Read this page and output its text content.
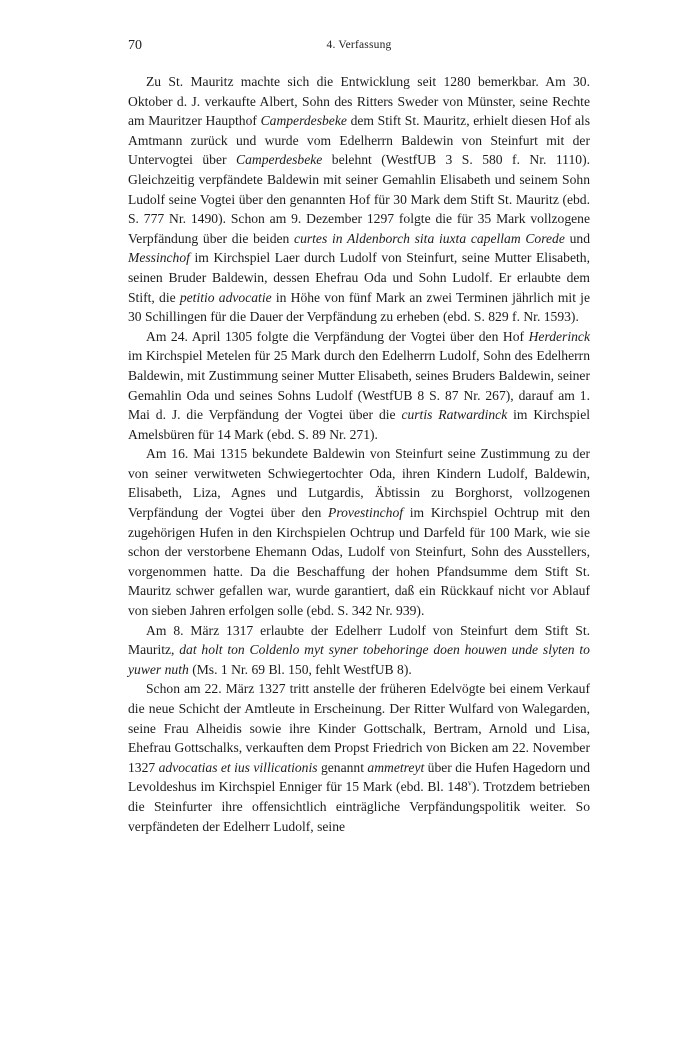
70	4. Verfassung

Zu St. Mauritz machte sich die Entwicklung seit 1280 bemerkbar. Am 30. Oktober d. J. verkaufte Albert, Sohn des Ritters Sweder von Münster, seine Rechte am Mauritzer Haupthof Camperdesbeke dem Stift St. Mauritz, erhielt diesen Hof als Amtmann zurück und wurde vom Edelherrn Baldewin von Steinfurt mit der Untervogtei über Camperdesbeke belehnt (WestfUB 3 S. 580 f. Nr. 1110). Gleichzeitig verpfändete Baldewin mit seiner Gemahlin Elisabeth und seinem Sohn Ludolf seine Vogtei über den genannten Hof für 30 Mark dem Stift St. Mauritz (ebd. S. 777 Nr. 1490). Schon am 9. Dezember 1297 folgte die für 35 Mark vollzogene Verpfändung über die beiden curtes in Aldenborch sita iuxta capellam Corede und Messinchof im Kirchspiel Laer durch Ludolf von Steinfurt, seine Mutter Elisabeth, seinen Bruder Baldewin, dessen Ehefrau Oda und Sohn Ludolf. Er erlaubte dem Stift, die petitio advocatie in Höhe von fünf Mark an zwei Terminen jährlich mit je 30 Schillingen für die Dauer der Verpfändung zu erheben (ebd. S. 829 f. Nr. 1593).

Am 24. April 1305 folgte die Verpfändung der Vogtei über den Hof Herderinck im Kirchspiel Metelen für 25 Mark durch den Edelherrn Ludolf, Sohn des Edelherrn Baldewin, mit Zustimmung seiner Mutter Elisabeth, seines Bruders Baldewin, seiner Gemahlin Oda und seines Sohns Ludolf (WestfUB 8 S. 87 Nr. 267), darauf am 1. Mai d. J. die Verpfändung der Vogtei über die curtis Ratwardinck im Kirchspiel Amelsbüren für 14 Mark (ebd. S. 89 Nr. 271).

Am 16. Mai 1315 bekundete Baldewin von Steinfurt seine Zustimmung zu der von seiner verwitweten Schwiegertochter Oda, ihren Kindern Ludolf, Baldewin, Elisabeth, Liza, Agnes und Lutgardis, Äbtissin zu Borghorst, vollzogenen Verpfändung der Vogtei über den Provestinchof im Kirchspiel Ochtrup mit den zugehörigen Hufen in den Kirchspielen Ochtrup und Darfeld für 100 Mark, wie sie schon der verstorbene Ehemann Odas, Ludolf von Steinfurt, Sohn des Ausstellers, vorgenommen hatte. Da die Beschaffung der hohen Pfandsumme dem Stift St. Mauritz schwer gefallen war, wurde garantiert, daß ein Rückkauf nicht vor Ablauf von sieben Jahren erfolgen solle (ebd. S. 342 Nr. 939).

Am 8. März 1317 erlaubte der Edelherr Ludolf von Steinfurt dem Stift St. Mauritz, dat holt ton Coldenlo myt syner tobehoringe doen houwen unde slyten to yuwer nuth (Ms. 1 Nr. 69 Bl. 150, fehlt WestfUB 8).

Schon am 22. März 1327 tritt anstelle der früheren Edelvögte bei einem Verkauf die neue Schicht der Amtleute in Erscheinung. Der Ritter Wulfard von Walegarden, seine Frau Alheidis sowie ihre Kinder Gottschalk, Bertram, Arnold und Lisa, Ehefrau Gottschalks, verkauften dem Propst Friedrich von Bicken am 22. November 1327 advocatias et ius villicationis genannt ammetreyt über die Hufen Hagedorn und Levoldeshus im Kirchspiel Enniger für 15 Mark (ebd. Bl. 148$^v$). Trotzdem betrieben die Steinfurter ihre offensichtlich einträgliche Verpfändungspolitik weiter. So verpfändeten der Edelherr Ludolf, seine
